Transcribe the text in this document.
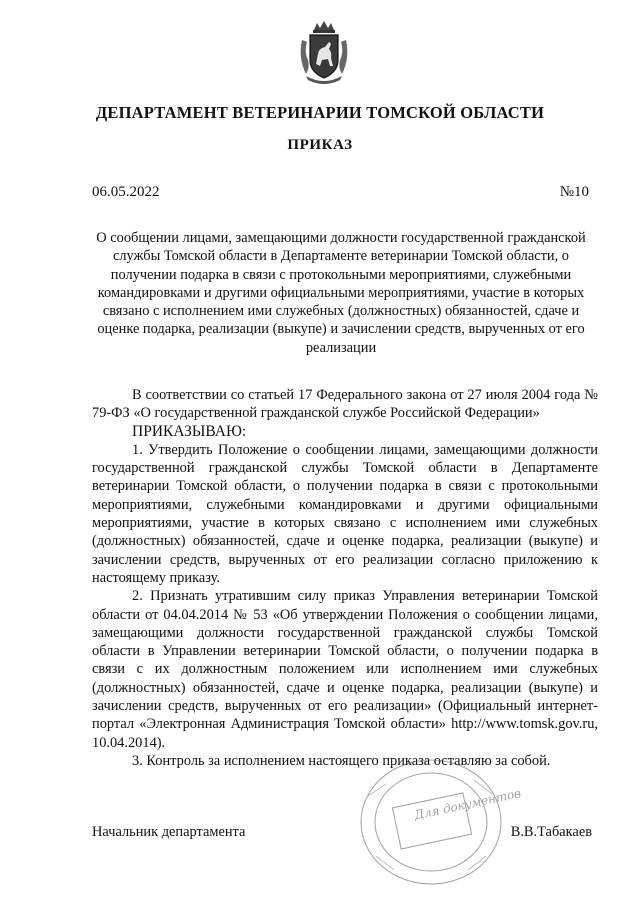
ДЕПАРТАМЕНТ ВЕТЕРИНАРИИ ТОМСКОЙ ОБЛАСТИ
ПРИКАЗ
06.05.2022	№10
О сообщении лицами, замещающими должности государственной гражданской службы Томской области в Департаменте ветеринарии Томской области, о получении подарка в связи с протокольными мероприятиями, служебными командировками и другими официальными мероприятиями, участие в которых связано с исполнением ими служебных (должностных) обязанностей, сдаче и оценке подарка, реализации (выкупе) и зачислении средств, вырученных от его реализации

В соответствии со статьей 17 Федерального закона от 27 июля 2004 года № 79-ФЗ «О государственной гражданской службе Российской Федерации»

ПРИКАЗЫВАЮ:

1. Утвердить Положение о сообщении лицами, замещающими должности государственной гражданской службы Томской области в Департаменте ветеринарии Томской области, о получении подарка в связи с протокольными мероприятиями, служебными командировками и другими официальными мероприятиями, участие в которых связано с исполнением ими служебных (должностных) обязанностей, сдаче и оценке подарка, реализации (выкупе) и зачислении средств, вырученных от его реализации согласно приложению к настоящему приказу.

2. Признать утратившим силу приказ Управления ветеринарии Томской области от 04.04.2014 № 53 «Об утверждении Положения о сообщении лицами, замещающими должности государственной гражданской службы Томской области в Управлении ветеринарии Томской области, о получении подарка в связи с их должностным положением или исполнением ими служебных (должностных) обязанностей, сдаче и оценке подарка, реализации (выкупе) и зачислении средств, вырученных от его реализации» (Официальный интернет-портал «Электронная Администрация Томской области» http://www.tomsk.gov.ru, 10.04.2014).

3. Контроль за исполнением настоящего приказа оставляю за собой.

Для документов
Начальник департамента	В.В.Табакаев
